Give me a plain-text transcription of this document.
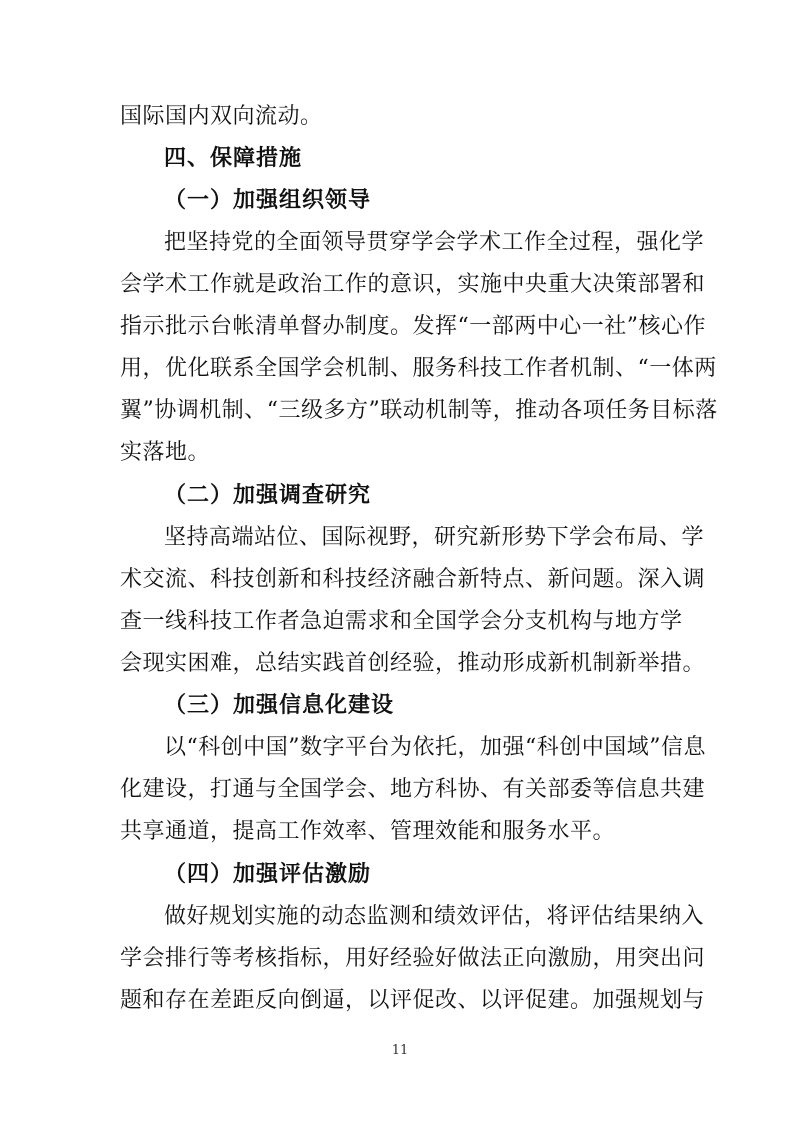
国际国内双向流动。
四、保障措施
（一）加强组织领导
把坚持党的全面领导贯穿学会学术工作全过程，强化学
会学术工作就是政治工作的意识，实施中央重大决策部署和
指示批示台帐清单督办制度。发挥“一部两中心一社”核心作
用，优化联系全国学会机制、服务科技工作者机制、“一体两
翼”协调机制、“三级多方”联动机制等，推动各项任务目标落
实落地。
（二）加强调查研究
坚持高端站位、国际视野，研究新形势下学会布局、学
术交流、科技创新和科技经济融合新特点、新问题。深入调
查一线科技工作者急迫需求和全国学会分支机构与地方学
会现实困难，总结实践首创经验，推动形成新机制新举措。
（三）加强信息化建设
以“科创中国”数字平台为依托，加强“科创中国域”信息
化建设，打通与全国学会、地方科协、有关部委等信息共建
共享通道，提高工作效率、管理效能和服务水平。
（四）加强评估激励
做好规划实施的动态监测和绩效评估，将评估结果纳入
学会排行等考核指标，用好经验好做法正向激励，用突出问
题和存在差距反向倒逼，以评促改、以评促建。加强规划与
11
